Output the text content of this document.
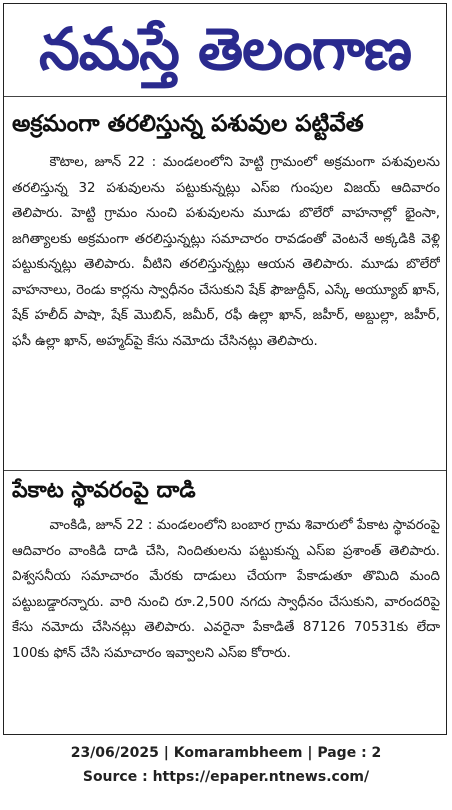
నమస్తే తెలంగాణ
అక్రమంగా తరలిస్తున్న పశువుల పట్టివేత
కౌటాల, జూన్ 22 : మండలంలోని హెట్టి గ్రామంలో అక్రమంగా పశువులను తరలిస్తున్న 32 పశువులను పట్టుకున్నట్లు ఎస్ఐ గుంపుల విజయ్ ఆదివారం తెలిపారు. హెట్టి గ్రామం నుంచి పశువులను మూడు బొలేరో వాహనాల్లో భైంసా, జగిత్యాలకు అక్రమంగా తరలిస్తున్నట్లు సమాచారం రావడంతో వెంటనే అక్కడికి వెళ్లి పట్టుకున్నట్లు తెలిపారు. వీటిని తరలిస్తున్నట్లు ఆయన తెలిపారు. మూడు బొలేరో వాహనాలు, రెండు కార్లను స్వాధీనం చేసుకుని షేక్ ఫౌజుద్దీన్, ఎస్కే అయ్యూబ్ ఖాన్, షేక్ హలీద్ పాషా, షేక్ మొబిన్, జమీర్, రఫీ ఉల్లా ఖాన్, జహీర్, అబ్దుల్లా, జహీర్, ఫసీ ఉల్లా ఖాన్, అహ్మద్‌పై కేసు నమోదు చేసినట్లు తెలిపారు.
పేకాట స్థావరంపై దాడి
వాంకిడి, జూన్ 22 : మండలంలోని బంబార గ్రామ శివారులో పేకాట స్థావరంపై ఆదివారం వాంకిడి దాడి చేసి, నిందితులను పట్టుకున్న ఎస్ఐ ప్రశాంత్ తెలిపారు. విశ్వసనీయ సమాచారం మేరకు దాడులు చేయగా పేకాడుతూ తొమిది మంది పట్టుబడ్డారన్నారు. వారి నుంచి రూ.2,500 నగదు స్వాధీనం చేసుకుని, వారందరిపై కేసు నమోదు చేసినట్లు తెలిపారు. ఎవరైనా పేకాడితే 87126 70531కు లేదా 100కు ఫోన్ చేసి సమాచారం ఇవ్వాలని ఎస్ఐ కోరారు.
23/06/2025 | Komarambheem | Page : 2
Source : https://epaper.ntnews.com/
